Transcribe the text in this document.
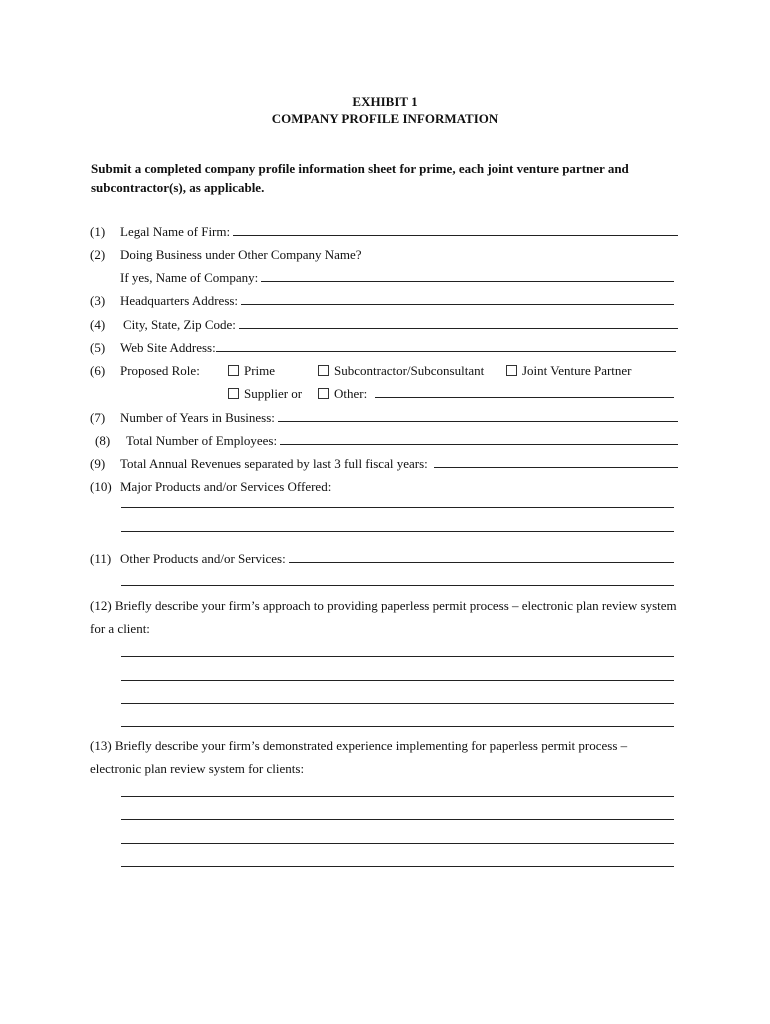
EXHIBIT 1
COMPANY PROFILE INFORMATION
Submit a completed company profile information sheet for prime, each joint venture partner and subcontractor(s), as applicable.
(1)	Legal Name of Firm:
(2)	Doing Business under Other Company Name?
If yes, Name of Company:
(3)	Headquarters Address:
(4)	City, State, Zip Code:
(5)	Web Site Address:
(6)	Proposed Role:	Prime	Subcontractor/Subconsultant	Joint Venture Partner
Supplier or Other:
(7)	Number of Years in Business:
(8)	Total Number of Employees:
(9)	Total Annual Revenues separated by last 3 full fiscal years:
(10) Major Products and/or Services Offered:
(11) Other Products and/or Services:
(12) Briefly describe your firm’s approach to providing paperless permit process – electronic plan review system for a client:
(13) Briefly describe your firm’s demonstrated experience implementing for paperless permit process – electronic plan review system for clients:
